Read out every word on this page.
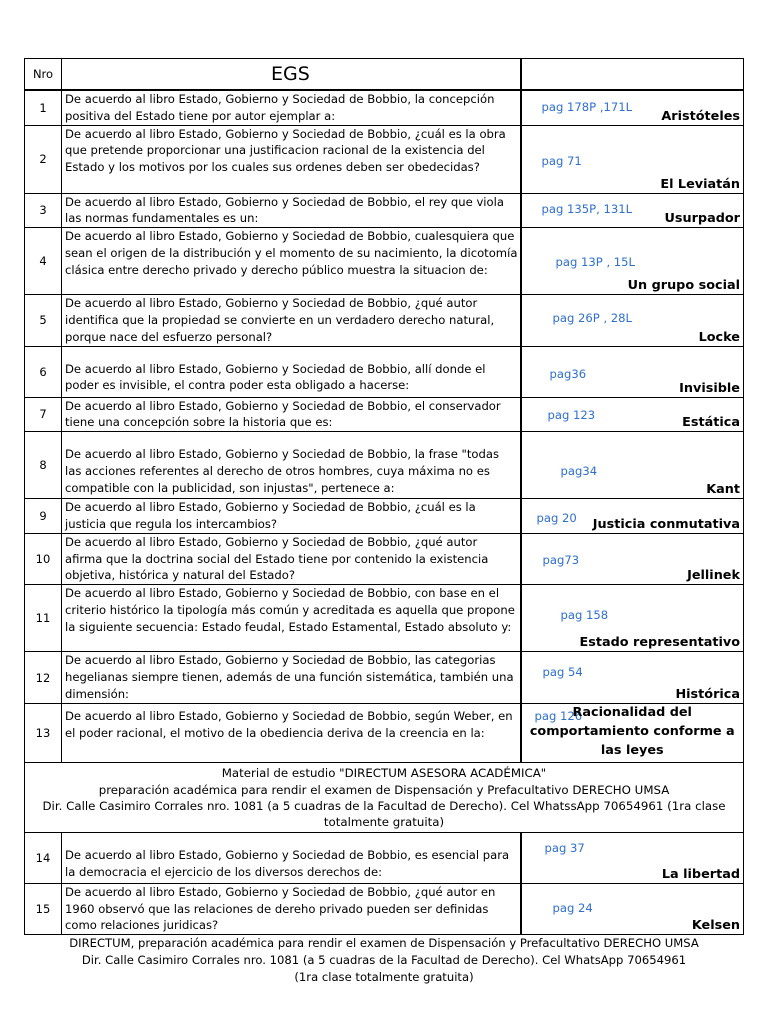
Nro	EGS	

1	De acuerdo al libro Estado, Gobierno y Sociedad de Bobbio, la concepción positiva del Estado tiene por autor ejemplar a:	pag 178P ,171L
Aristóteles

2	De acuerdo al libro Estado, Gobierno y Sociedad de Bobbio, ¿cuál es la obra que pretende proporcionar una justificacion racional de la existencia del Estado y los motivos por los cuales sus ordenes deben ser obedecidas?	pag 71
El Leviatán

3	De acuerdo al libro Estado, Gobierno y Sociedad de Bobbio, el rey que viola las normas fundamentales es un:	pag 135P, 131L
Usurpador

4	De acuerdo al libro Estado, Gobierno y Sociedad de Bobbio, cualesquiera que sean el origen de la distribución y el momento de su nacimiento, la dicotomía clásica entre derecho privado y derecho público muestra la situacion de:	pag 13P , 15L
Un grupo social

5	De acuerdo al libro Estado, Gobierno y Sociedad de Bobbio, ¿qué autor identifica que la propiedad se convierte en un verdadero derecho natural, porque nace del esfuerzo personal?	pag 26P , 28L
Locke

6	De acuerdo al libro Estado, Gobierno y Sociedad de Bobbio, allí donde el poder es invisible, el contra poder esta obligado a hacerse:	pag36
Invisible

7	De acuerdo al libro Estado, Gobierno y Sociedad de Bobbio, el conservador tiene una concepción sobre la historia que es:	pag 123
Estática

8	De acuerdo al libro Estado, Gobierno y Sociedad de Bobbio, la frase "todas las acciones referentes al derecho de otros hombres, cuya máxima no es compatible con la publicidad, son injustas", pertenece a:	pag34
Kant

9	De acuerdo al libro Estado, Gobierno y Sociedad de Bobbio, ¿cuál es la justicia que regula los intercambios?	pag 20 Justicia conmutativa

10	De acuerdo al libro Estado, Gobierno y Sociedad de Bobbio, ¿qué autor afirma que la doctrina social del Estado tiene por contenido la existencia objetiva, histórica y natural del Estado?	pag73
Jellinek

11	De acuerdo al libro Estado, Gobierno y Sociedad de Bobbio, con base en el criterio histórico la tipología más común y acreditada es aquella que propone la siguiente secuencia: Estado feudal, Estado Estamental, Estado absoluto y:	pag 158
Estado representativo

12	De acuerdo al libro Estado, Gobierno y Sociedad de Bobbio, las categorias hegelianas siempre tienen, además de una función sistemática, también una dimensión:	pag 54
Histórica

13	De acuerdo al libro Estado, Gobierno y Sociedad de Bobbio, según Weber, en el poder racional, el motivo de la obediencia deriva de la creencia en la:	pag 126
Racionalidad del comportamiento conforme a las leyes

Material de estudio "DIRECTUM ASESORA ACADÉMICA"
preparación académica para rendir el examen de Dispensación y Prefacultativo DERECHO UMSA
Dir. Calle Casimiro Corrales nro. 1081 (a 5 cuadras de la Facultad de Derecho). Cel WhatssApp 70654961 (1ra clase totalmente gratuita)		

14	De acuerdo al libro Estado, Gobierno y Sociedad de Bobbio, es esencial para la democracia el ejercicio de los diversos derechos de:	pag 37
La libertad

15	De acuerdo al libro Estado, Gobierno y Sociedad de Bobbio, ¿qué autor en 1960 observó que las relaciones de dereho privado pueden ser definidas como relaciones juridicas?	pag 24
Kelsen
DIRECTUM, preparación académica para rendir el examen de Dispensación y Prefacultativo DERECHO UMSA
Dir. Calle Casimiro Corrales nro. 1081 (a 5 cuadras de la Facultad de Derecho). Cel WhatsApp 70654961
(1ra clase totalmente gratuita)
